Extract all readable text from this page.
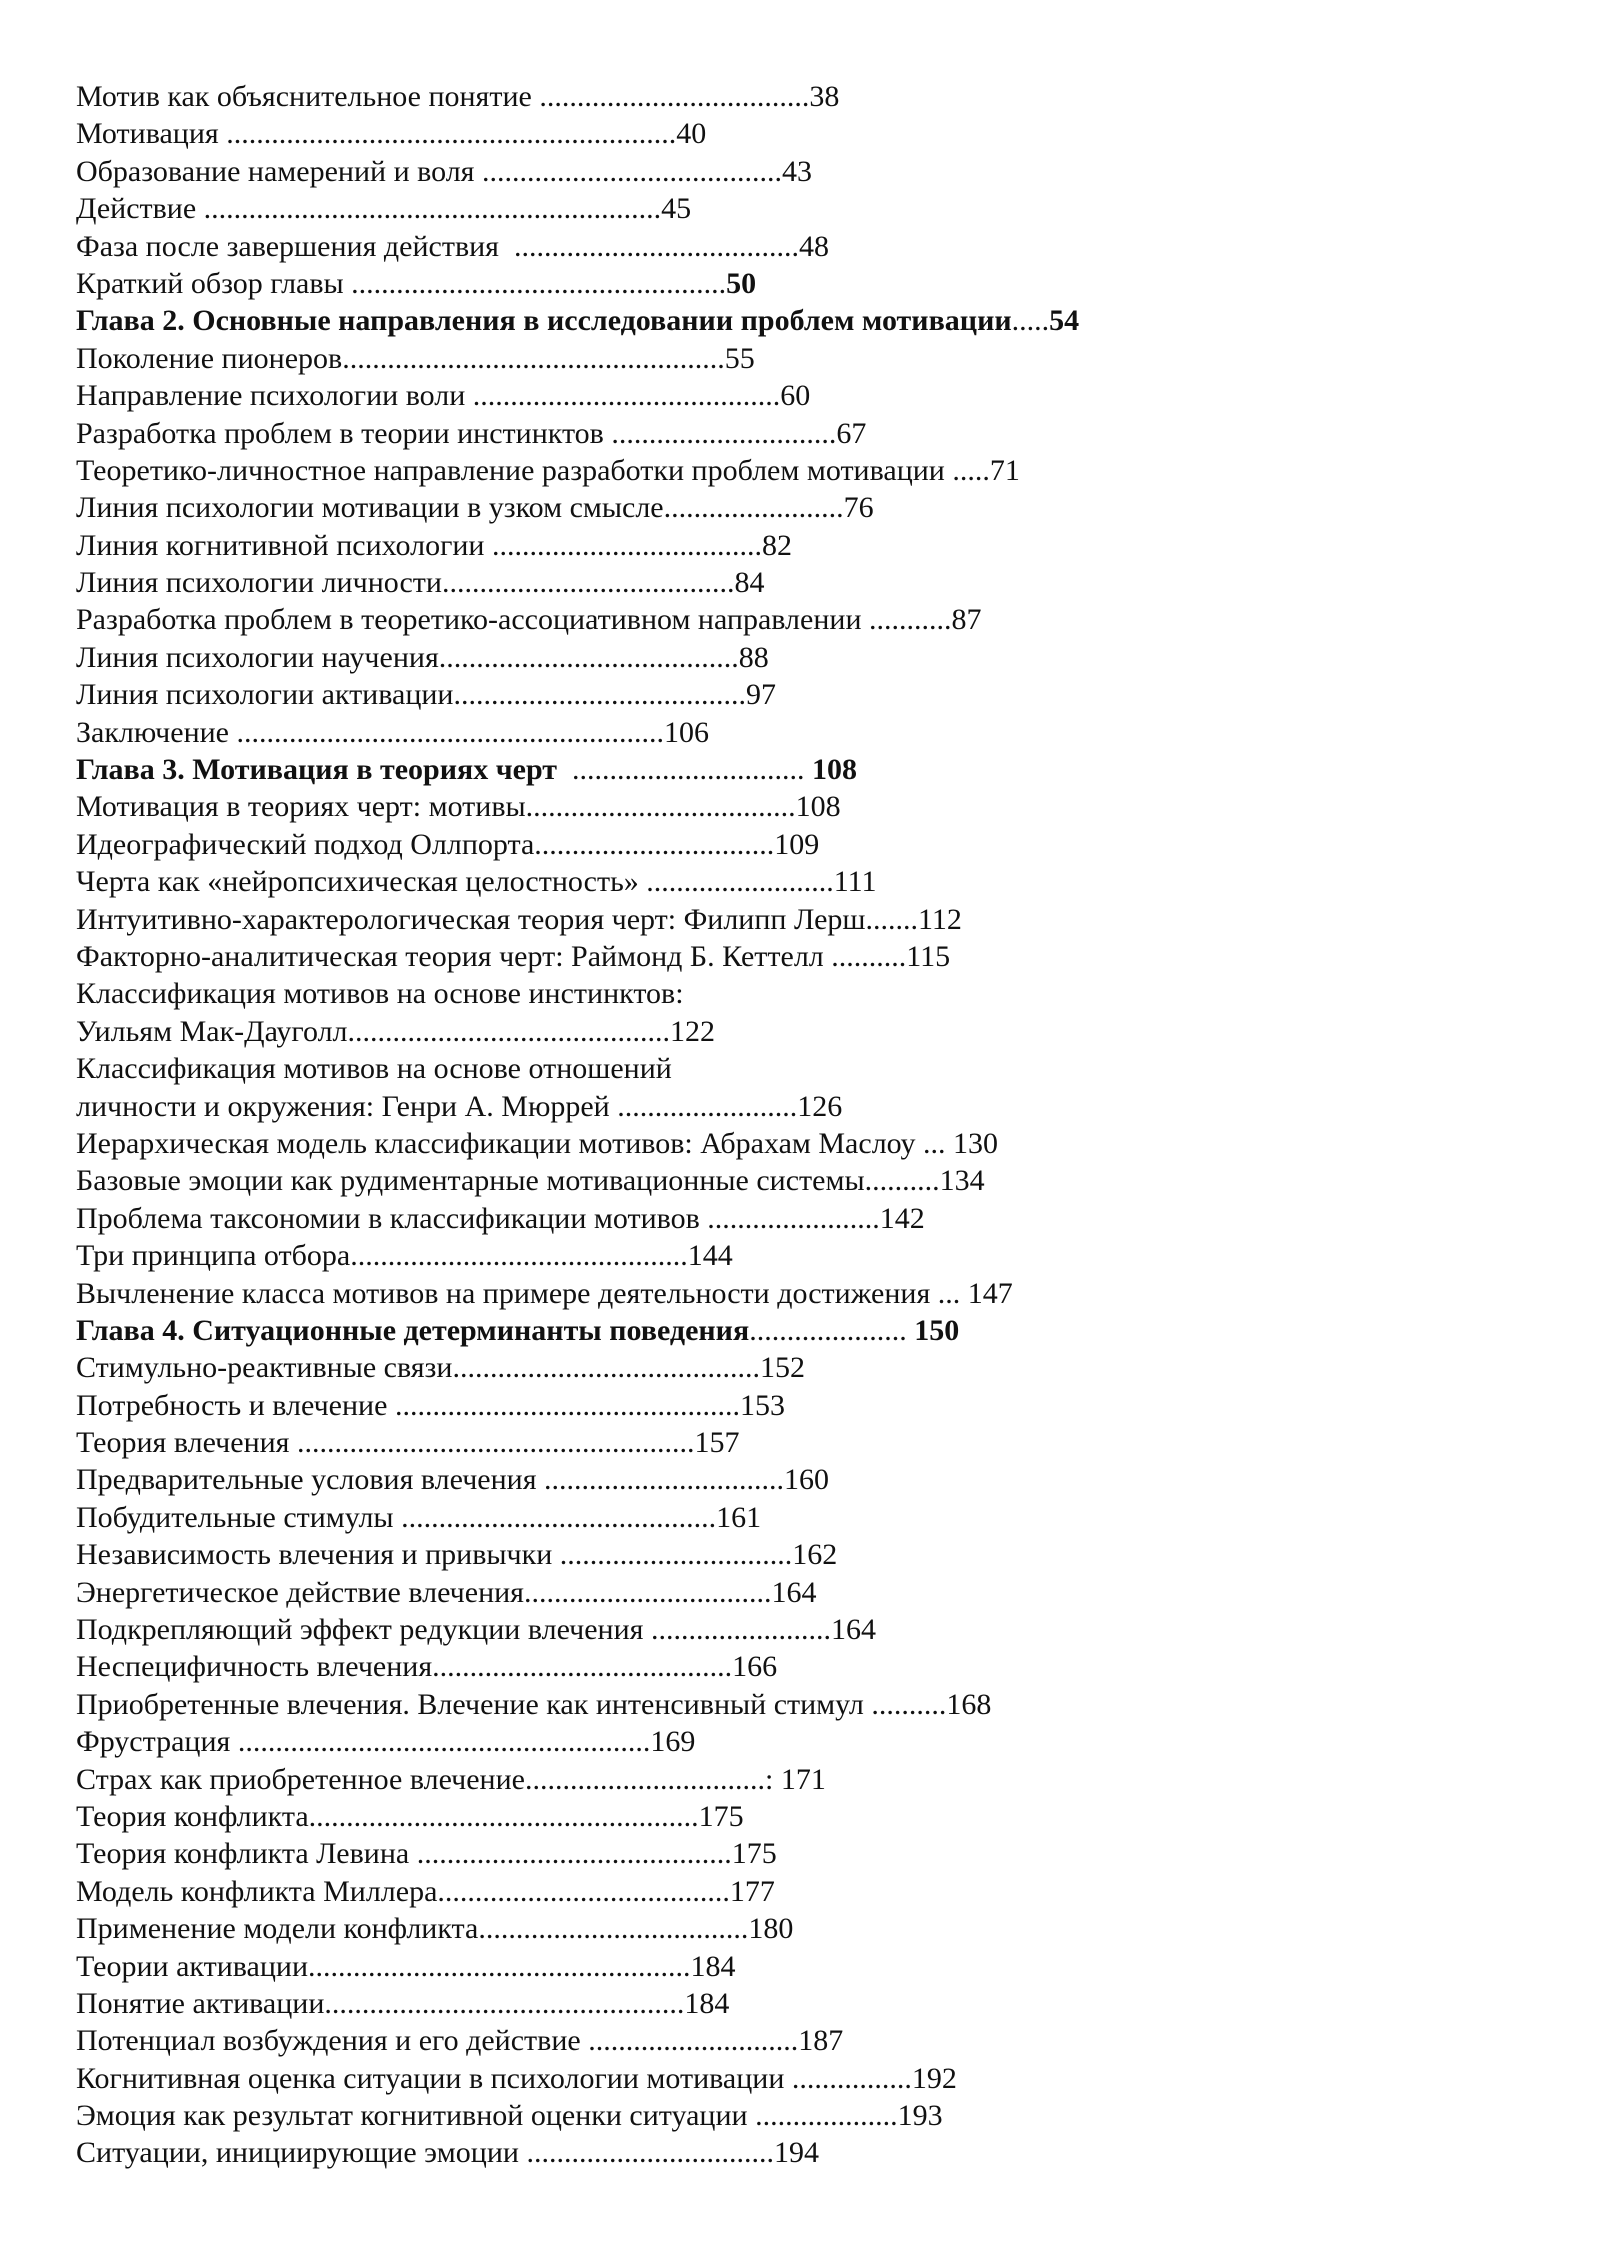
Мотив как объяснительное понятие ....................................38
Мотивация ............................................................40
Образование намерений и воля ........................................43
Действие .............................................................45
Фаза после завершения действия  ......................................48
Краткий обзор главы ..................................................50
Глава 2. Основные направления в исследовании проблем мотивации.....54
Поколение пионеров...................................................55
Направление психологии воли .........................................60
Разработка проблем в теории инстинктов ..............................67
Теоретико-личностное направление разработки проблем мотивации .....71
Линия психологии мотивации в узком смысле........................76
Линия когнитивной психологии ....................................82
Линия психологии личности.......................................84
Разработка проблем в теоретико-ассоциативном направлении ...........87
Линия психологии научения........................................88
Линия психологии активации.......................................97
Заключение .........................................................106
Глава 3. Мотивация в теориях черт  ............................... 108
Мотивация в теориях черт: мотивы....................................108
Идеографический подход Оллпорта................................109
Черта как «нейропсихическая целостность» .........................111
Интуитивно-характерологическая теория черт: Филипп Лерш.......112
Факторно-аналитическая теория черт: Раймонд Б. Кеттелл ..........115
Классификация мотивов на основе инстинктов:
Уильям Мак-Дауголл...........................................122
Классификация мотивов на основе отношений
личности и окружения: Генри А. Мюррей ........................126
Иерархическая модель классификации мотивов: Абрахам Маслоу ... 130
Базовые эмоции как рудиментарные мотивационные системы..........134
Проблема таксономии в классификации мотивов .......................142
Три принципа отбора.............................................144
Вычленение класса мотивов на примере деятельности достижения ... 147
Глава 4. Ситуационные детерминанты поведения..................... 150
Стимульно-реактивные связи.........................................152
Потребность и влечение ..............................................153
Теория влечения .....................................................157
Предварительные условия влечения ................................160
Побудительные стимулы ..........................................161
Независимость влечения и привычки ...............................162
Энергетическое действие влечения.................................164
Подкрепляющий эффект редукции влечения ........................164
Неспецифичность влечения........................................166
Приобретенные влечения. Влечение как интенсивный стимул ..........168
Фрустрация .......................................................169
Страх как приобретенное влечение................................: 171
Теория конфликта....................................................175
Теория конфликта Левина ..........................................175
Модель конфликта Миллера.......................................177
Применение модели конфликта....................................180
Теории активации...................................................184
Понятие активации................................................184
Потенциал возбуждения и его действие ............................187
Когнитивная оценка ситуации в психологии мотивации ................192
Эмоция как результат когнитивной оценки ситуации ...................193
Ситуации, инициирующие эмоции .................................194
